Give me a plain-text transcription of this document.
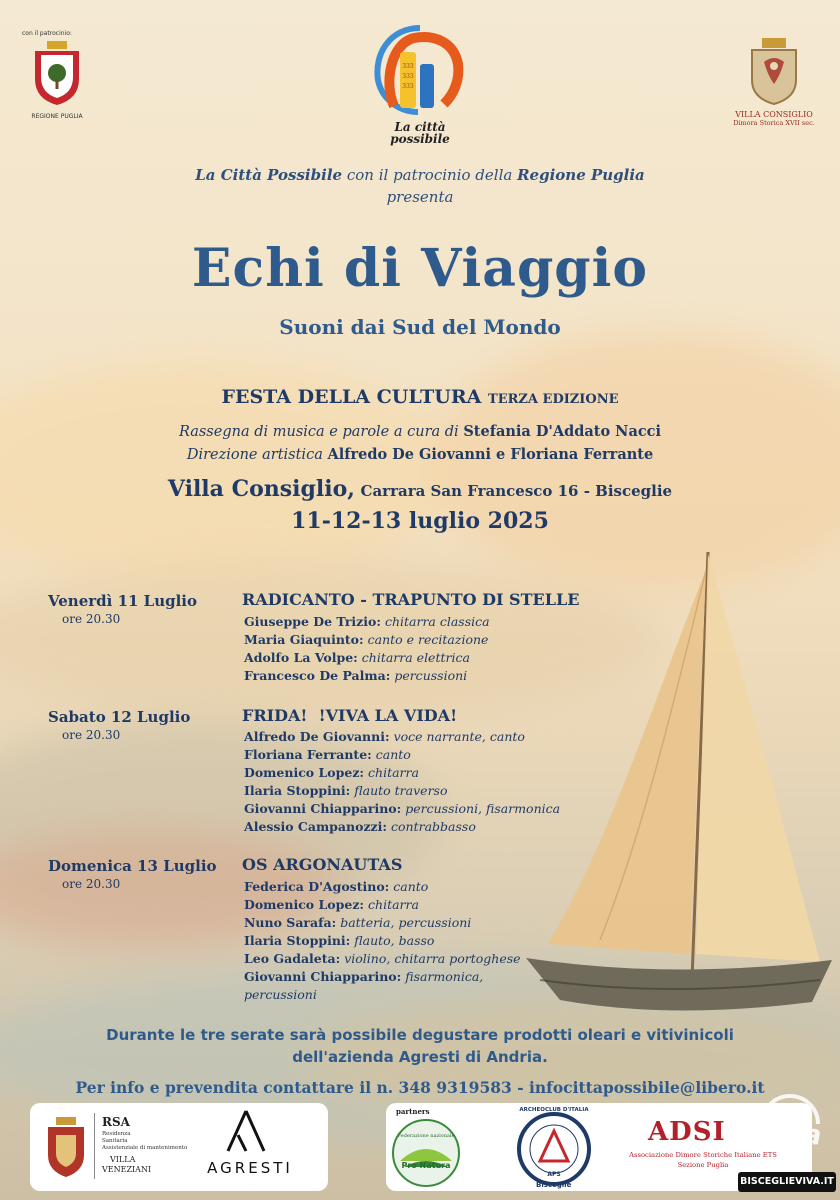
con il patrocinio:
REGIONE PUGLIA
333
333
333
La città
possibile
VILLA CONSIGLIO
Dimora Storica XVII sec.
La Città Possibile con il patrocinio della Regione Puglia
presenta
Echi di Viaggio
Suoni dai Sud del Mondo
FESTA DELLA CULTURA TERZA EDIZIONE
Rassegna di musica e parole a cura di Stefania D'Addato Nacci
Direzione artistica Alfredo De Giovanni e Floriana Ferrante
Villa Consiglio, Carrara San Francesco 16 - Bisceglie
11-12-13 luglio 2025
Venerdì 11 Luglio
ore 20.30
RADICANTO - TRAPUNTO DI STELLE
Giuseppe De Trizio: chitarra classica
Maria Giaquinto: canto e recitazione
Adolfo La Volpe: chitarra elettrica
Francesco De Palma: percussioni
Sabato 12 Luglio
ore 20.30
FRIDA!  !VIVA LA VIDA!
Alfredo De Giovanni: voce narrante, canto
Floriana Ferrante: canto
Domenico Lopez: chitarra
Ilaria Stoppini: flauto traverso
Giovanni Chiapparino: percussioni, fisarmonica
Alessio Campanozzi: contrabbasso
Domenica 13 Luglio
ore 20.30
OS ARGONAUTAS
Federica D'Agostino: canto
Domenico Lopez: chitarra
Nuno Sarafa: batteria, percussioni
Ilaria Stoppini: flauto, basso
Leo Gadaleta: violino, chitarra portoghese
Giovanni Chiapparino: fisarmonica,
percussioni
Durante le tre serate sarà possibile degustare prodotti oleari e vitivinicoli
dell'azienda Agresti di Andria.
Per info e prevendita contattare il n. 348 9319583 - infocittapossibile@libero.it
RSA
Residenza
Sanitaria
Assistenziale di mantenimento
VILLA
VENEZIANI	AGRESTI
partners
Federazione nazionale
Pro Natura
ARCHEOCLUB D'ITALIA
APS
Bisceglie
ADSI
Associazione Dimore Storiche Italiane ETS
Sezione Puglia
viva
BISCEGLIEVIVA.IT
